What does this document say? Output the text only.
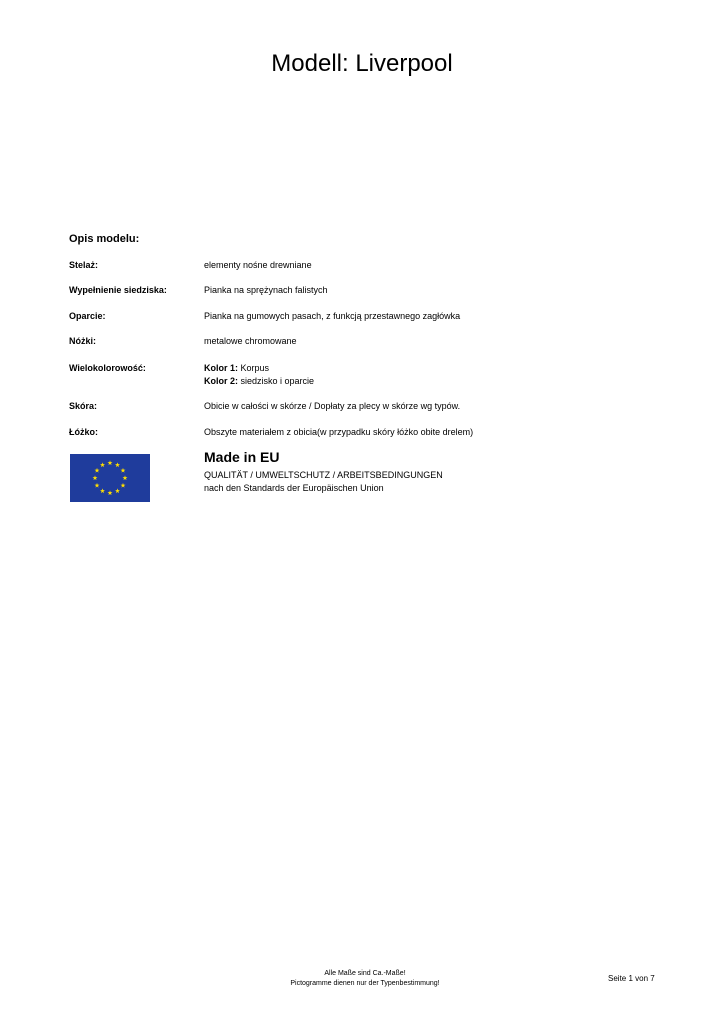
Modell: Liverpool
Opis modelu:
Stelaż:	elementy nośne drewniane
Wypełnienie siedziska:	Pianka na sprężynach falistych
Oparcie:	Pianka na gumowych pasach, z funkcją przestawnego zagłówka
Nóżki:	metalowe chromowane
Wielokolorowość:	Kolor 1: Korpus
Kolor 2: siedzisko i oparcie
Skóra:	Obicie w całości w skórze / Dopłaty za plecy w skórze wg typów.
Łóżko:	Obszyte materiałem z obicia(w przypadku skóry łóżko obite drelem)
Made in EU
QUALITÄT / UMWELTSCHUTZ / ARBEITSBEDINGUNGEN
nach den Standards der Europäischen Union
Alle Maße sind Ca.-Maße!
Pictogramme dienen nur der Typenbestimmung!
Seite 1 von 7
